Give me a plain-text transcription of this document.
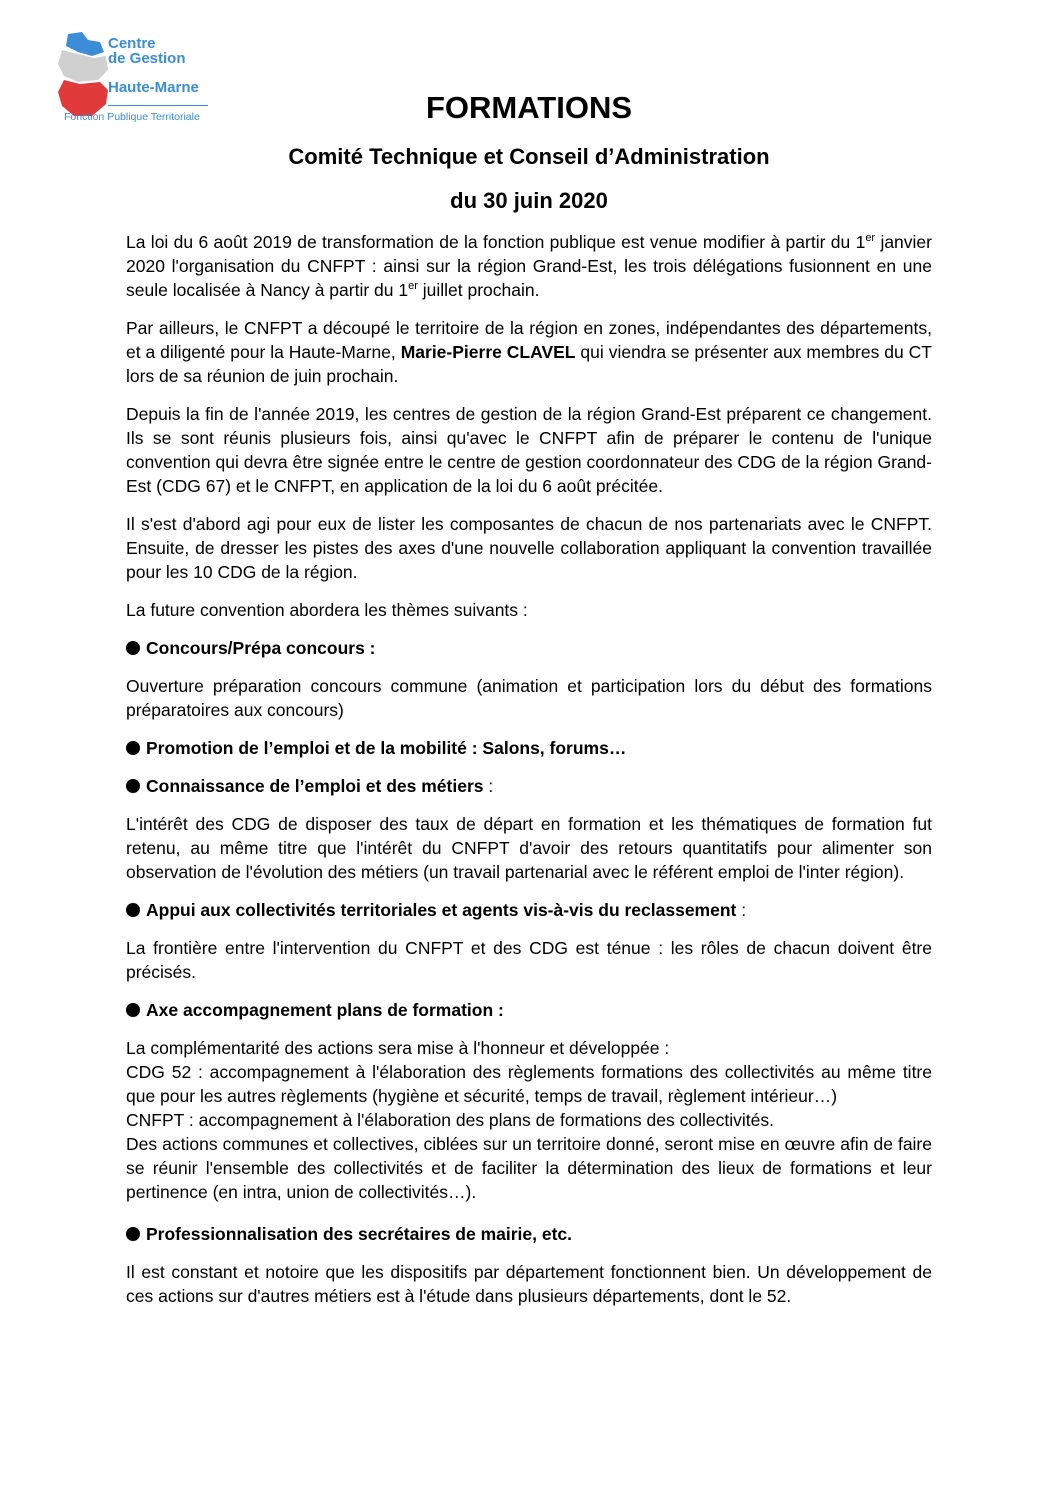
Centre
de Gestion
Haute-Marne
Fonction Publique Territoriale	FORMATIONS
Comité Technique et Conseil d’Administration
du 30 juin 2020

La loi du 6 août 2019 de transformation de la fonction publique est venue modifier à partir du 1er janvier 2020 l'organisation du CNFPT : ainsi sur la région Grand-Est, les trois délégations fusionnent en une seule localisée à Nancy à partir du 1er juillet prochain.

Par ailleurs, le CNFPT a découpé le territoire de la région en zones, indépendantes des départements, et a diligenté pour la Haute-Marne, Marie-Pierre CLAVEL qui viendra se présenter aux membres du CT lors de sa réunion de juin prochain.

Depuis la fin de l'année 2019, les centres de gestion de la région Grand-Est préparent ce changement. Ils se sont réunis plusieurs fois, ainsi qu'avec le CNFPT afin de préparer le contenu de l'unique convention qui devra être signée entre le centre de gestion coordonnateur des CDG de la région Grand-Est (CDG 67) et le CNFPT, en application de la loi du 6 août précitée.

Il s'est d'abord agi pour eux de lister les composantes de chacun de nos partenariats avec le CNFPT. Ensuite, de dresser les pistes des axes d'une nouvelle collaboration appliquant la convention travaillée pour les 10 CDG de la région.

La future convention abordera les thèmes suivants :

Concours/Prépa concours :

Ouverture préparation concours commune (animation et participation lors du début des formations préparatoires aux concours)

Promotion de l’emploi et de la mobilité : Salons, forums…
Connaissance de l’emploi et des métiers :

L'intérêt des CDG de disposer des taux de départ en formation et les thématiques de formation fut retenu, au même titre que l'intérêt du CNFPT d'avoir des retours quantitatifs pour alimenter son observation de l'évolution des métiers (un travail partenarial avec le référent emploi de l'inter région).

Appui aux collectivités territoriales et agents vis-à-vis du reclassement :

La frontière entre l'intervention du CNFPT et des CDG est ténue : les rôles de chacun doivent être précisés.

Axe accompagnement plans de formation :

La complémentarité des actions sera mise à l'honneur et développée :

CDG 52 : accompagnement à l'élaboration des règlements formations des collectivités au même titre que pour les autres règlements (hygiène et sécurité, temps de travail, règlement intérieur…)

CNFPT : accompagnement à l'élaboration des plans de formations des collectivités.

Des actions communes et collectives, ciblées sur un territoire donné, seront mise en œuvre afin de faire se réunir l'ensemble des collectivités et de faciliter la détermination des lieux de formations et leur pertinence (en intra, union de collectivités…).

Professionnalisation des secrétaires de mairie, etc.

Il est constant et notoire que les dispositifs par département fonctionnent bien. Un développement de ces actions sur d'autres métiers est à l'étude dans plusieurs départements, dont le 52.
